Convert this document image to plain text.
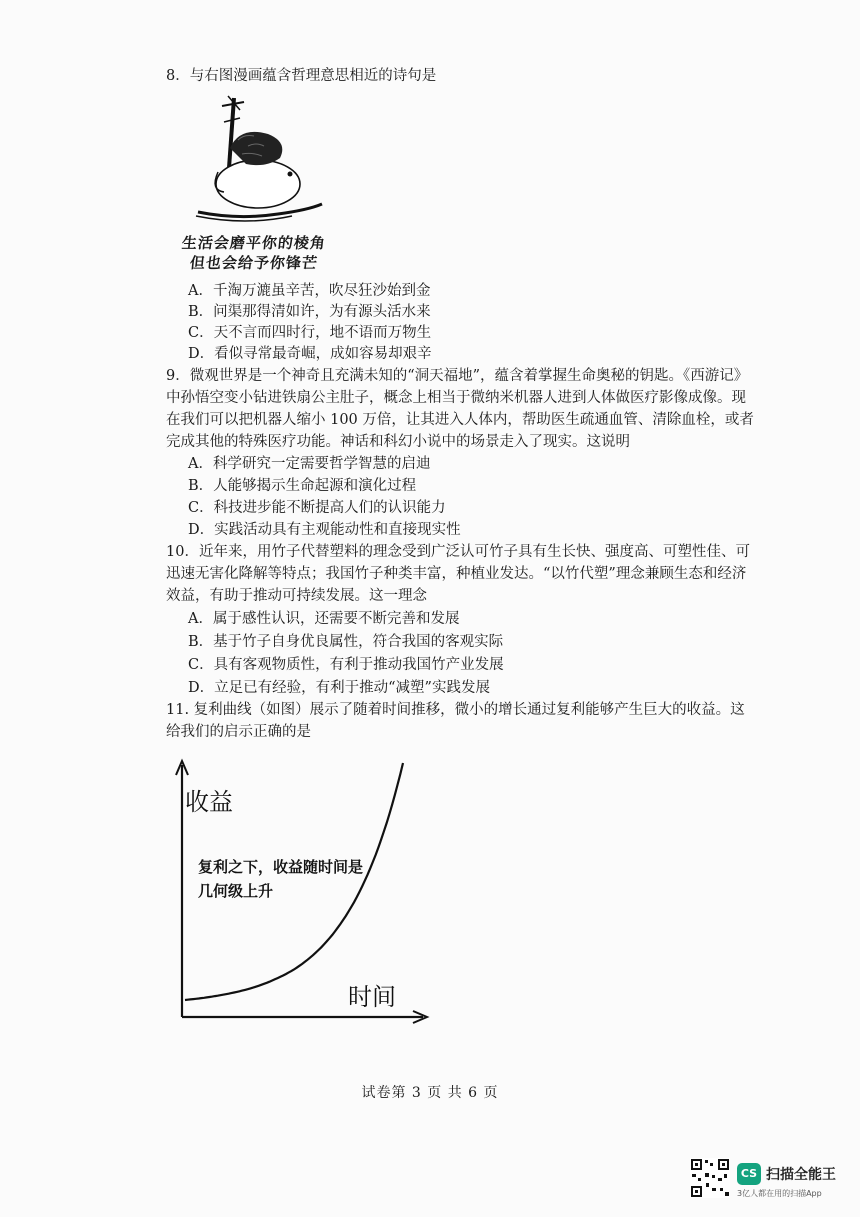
8．与右图漫画蕴含哲理意思相近的诗句是
生活会磨平你的棱角
但也会给予你锋芒
A．千淘万漉虽辛苦，吹尽狂沙始到金
B．问渠那得清如许，为有源头活水来
C．天不言而四时行，地不语而万物生
D．看似寻常最奇崛，成如容易却艰辛
9．微观世界是一个神奇且充满未知的“洞天福地”，蕴含着掌握生命奥秘的钥匙。《西游记》
中孙悟空变小钻进铁扇公主肚子，概念上相当于微纳米机器人进到人体做医疗影像成像。现
在我们可以把机器人缩小 100 万倍，让其进入人体内，帮助医生疏通血管、清除血栓，或者
完成其他的特殊医疗功能。神话和科幻小说中的场景走入了现实。这说明
A．科学研究一定需要哲学智慧的启迪
B．人能够揭示生命起源和演化过程
C．科技进步能不断提高人们的认识能力
D．实践活动具有主观能动性和直接现实性
10．近年来，用竹子代替塑料的理念受到广泛认可竹子具有生长快、强度高、可塑性佳、可
迅速无害化降解等特点；我国竹子种类丰富，种植业发达。“以竹代塑”理念兼顾生态和经济
效益，有助于推动可持续发展。这一理念
A．属于感性认识，还需要不断完善和发展
B．基于竹子自身优良属性，符合我国的客观实际
C．具有客观物质性，有利于推动我国竹产业发展
D．立足已有经验，有利于推动“减塑”实践发展
11. 复利曲线（如图）展示了随着时间推移，微小的增长通过复利能够产生巨大的收益。这
给我们的启示正确的是
收益
时间
复利之下，收益随时间是
几何级上升
试卷第 3 页 共 6 页
CS 扫描全能王
3亿人都在用的扫描App
